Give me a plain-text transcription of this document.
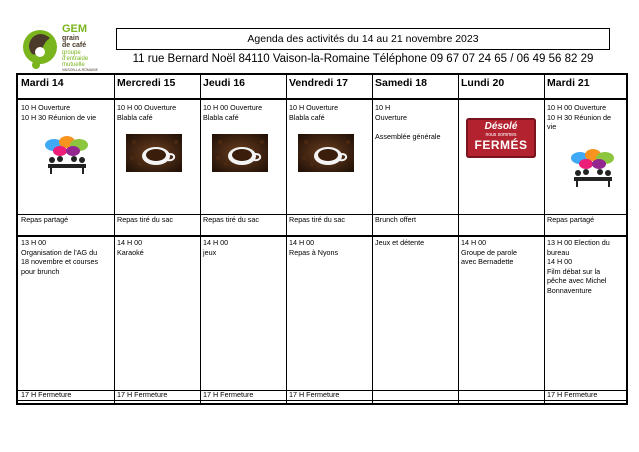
GEM
grain
de café
groupe
d'entraide
mutuelle
VAISON-LA-ROMAINE
Agenda des activités du 14 au 21 novembre 2023
11 rue Bernard Noël 84110 Vaison-la-Romaine Téléphone 09 67 07 24 65 / 06 49 56 82 29
Mardi 14
10 H Ouverture
10 H 30 Réunion de vie
Repas partagé
13 H 00
Organisation de l'AG du
18 novembre et courses
pour brunch
17 H Fermeture
Mercredi 15
10 H 00 Ouverture
Blabla café
Repas tiré du sac
14 H 00
Karaoké
17 H Fermeture
Jeudi 16
10 H 00 Ouverture
Blabla café
Repas tiré du sac
14 H 00
jeux
17 H Fermeture
Vendredi 17
10 H Ouverture
Blabla café
Repas tiré du sac
14 H 00
Repas à Nyons
17 H Fermeture
Samedi 18
10 H
Ouverture

Assemblée générale
Brunch offert
Jeux et détente
Lundi 20
Désolé
nous sommes
FERMÉS
14 H 00
Groupe de parole
avec Bernadette
Mardi 21
10 H 00 Ouverture
10 H 30 Réunion de
vie
Repas partagé
13 H 00 Election du
bureau
14 H 00
Film débat sur la
pêche avec Michel
Bonnaventure
17 H Fermeture
